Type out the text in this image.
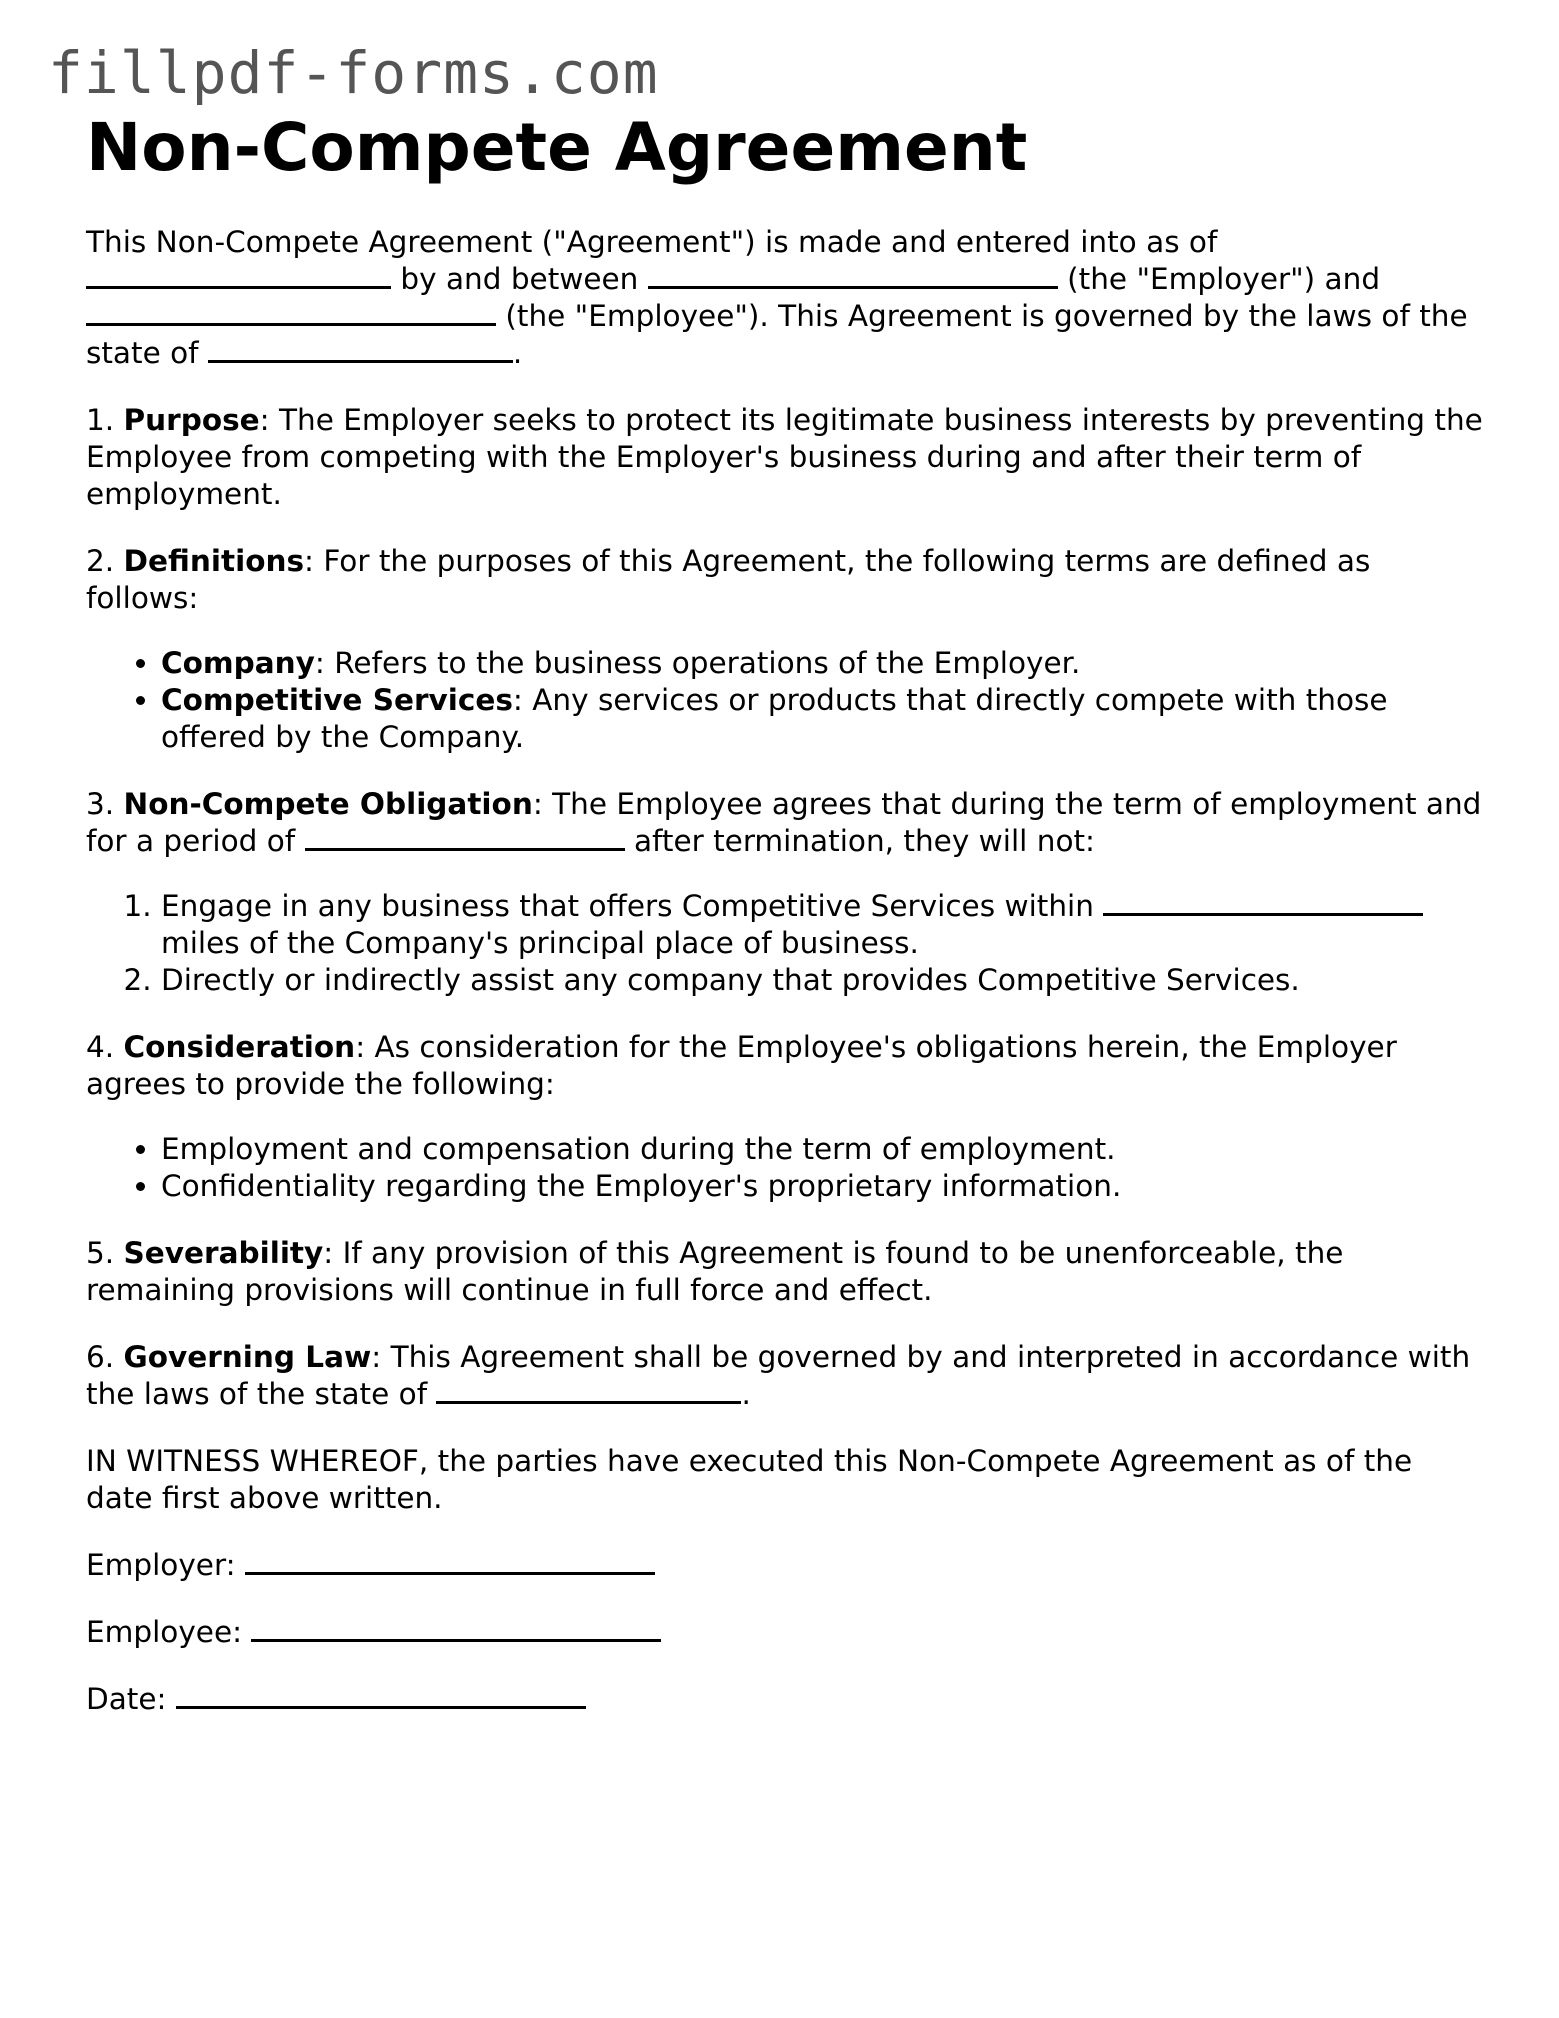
fillpdf-forms.com
Non-Compete Agreement

This Non-Compete Agreement ("Agreement") is made and entered into as of
by and between	(the "Employer") and
(the "Employee"). This Agreement is governed by the laws of the state of	.

1. Purpose: The Employer seeks to protect its legitimate business interests by preventing the Employee from competing with the Employer's business during and after their term of employment.

2. Definitions: For the purposes of this Agreement, the following terms are defined as follows:

• Company: Refers to the business operations of the Employer.
• Competitive Services: Any services or products that directly compete with those offered by the Company.

3. Non-Compete Obligation: The Employee agrees that during the term of employment and for a period of	after termination, they will not:

1. Engage in any business that offers Competitive Services within  miles of the Company's principal place of business.
2. Directly or indirectly assist any company that provides Competitive Services.

4. Consideration: As consideration for the Employee's obligations herein, the Employer agrees to provide the following:

• Employment and compensation during the term of employment.
• Confidentiality regarding the Employer's proprietary information.

5. Severability: If any provision of this Agreement is found to be unenforceable, the remaining provisions will continue in full force and effect.

6. Governing Law: This Agreement shall be governed by and interpreted in accordance with the laws of the state of	.

IN WITNESS WHEREOF, the parties have executed this Non-Compete Agreement as of the date first above written.

Employer:

Employee:

Date:
